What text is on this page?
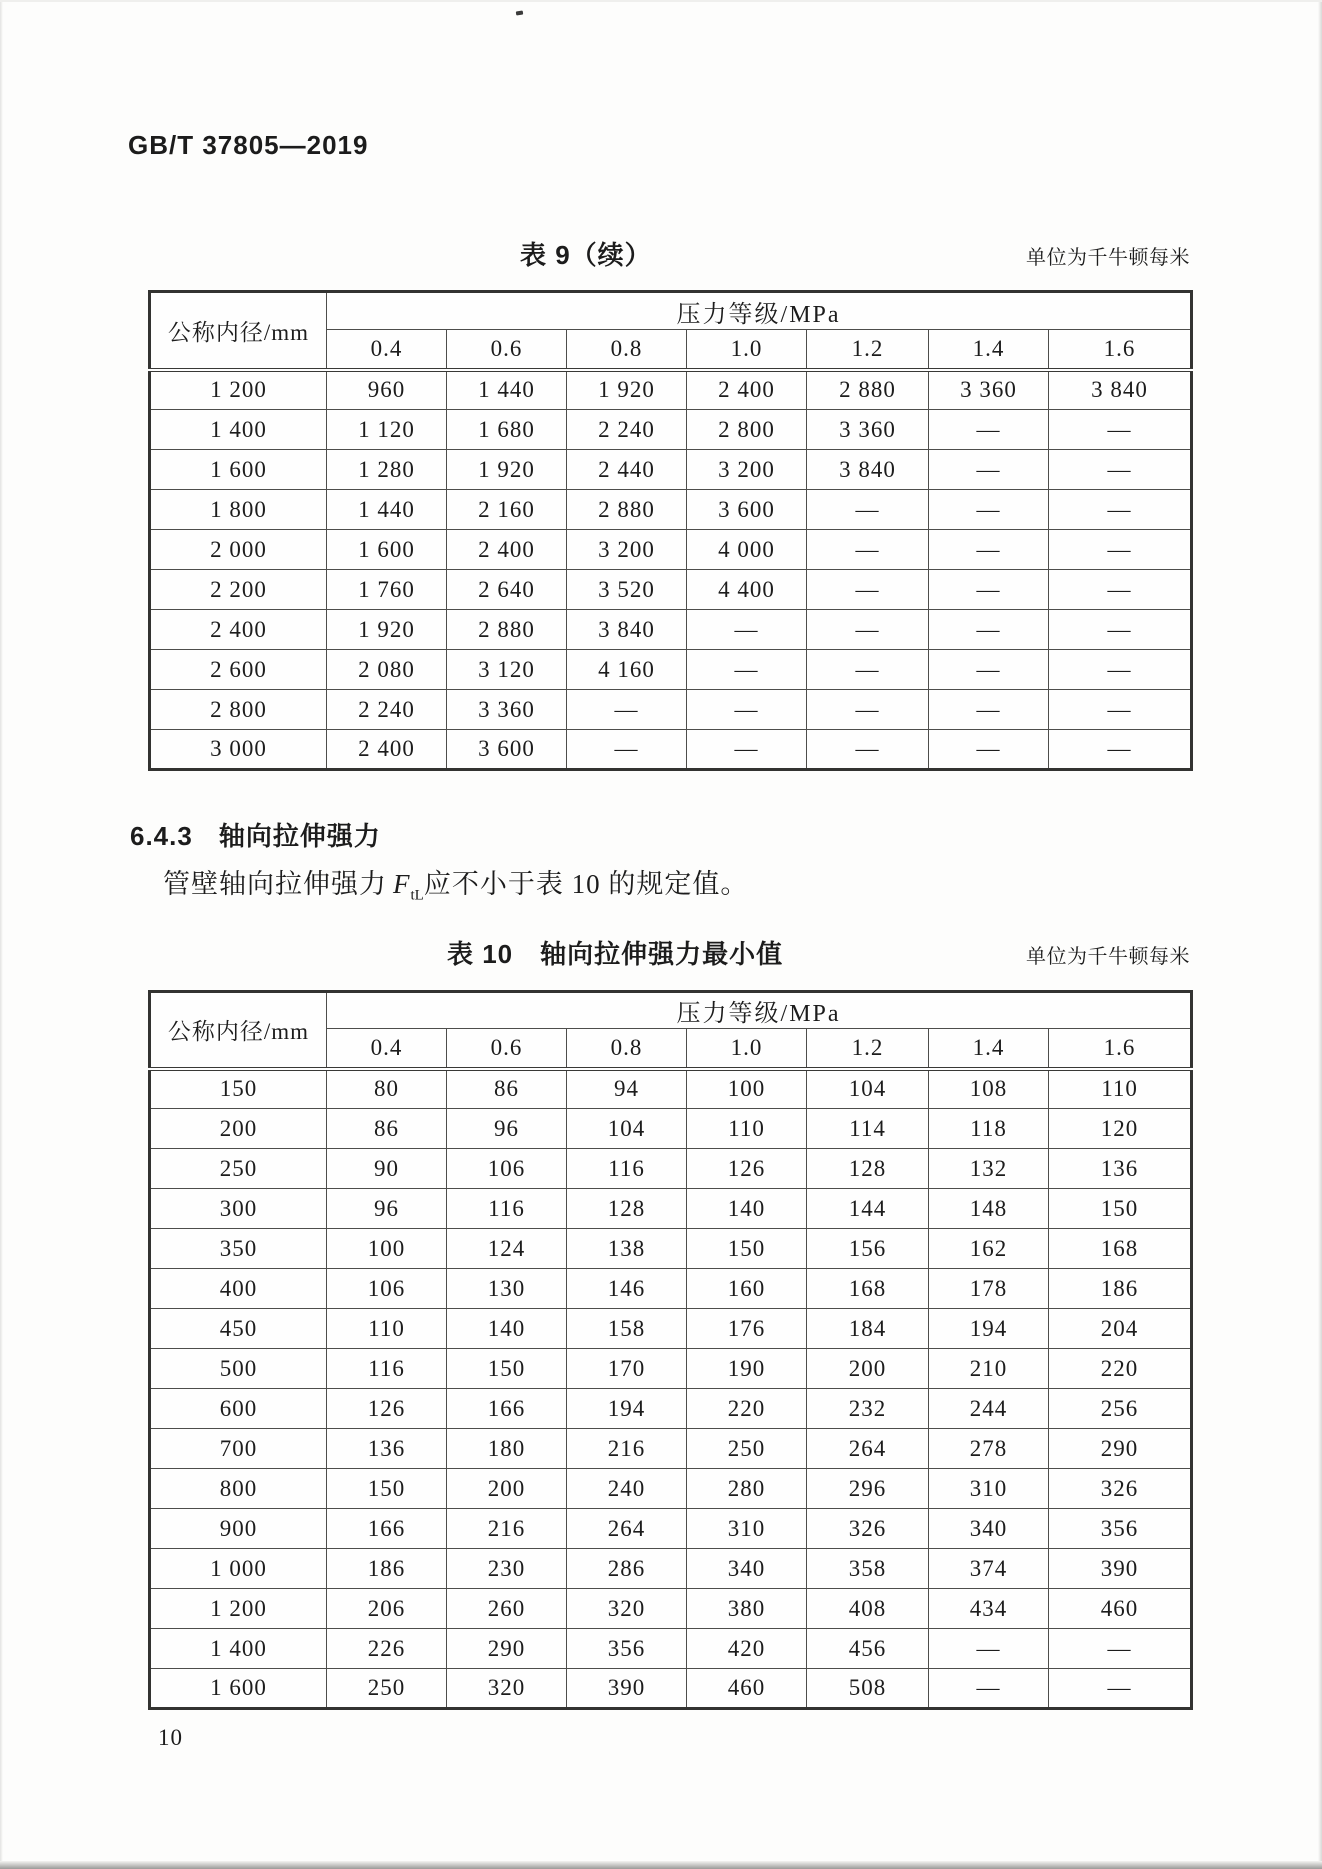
GB/T 37805—2019
表 9（续）	单位为千牛顿每米
公称内径/mm	压力等级/MPa						
	0.4	0.6	0.8	1.0	1.2	1.4	1.6
1 200	960	1 440	1 920	2 400	2 880	3 360	3 840
1 400	1 120	1 680	2 240	2 800	3 360	—	—
1 600	1 280	1 920	2 440	3 200	3 840	—	—
1 800	1 440	2 160	2 880	3 600	—	—	—
2 000	1 600	2 400	3 200	4 000	—	—	—
2 200	1 760	2 640	3 520	4 400	—	—	—
2 400	1 920	2 880	3 840	—	—	—	—
2 600	2 080	3 120	4 160	—	—	—	—
2 800	2 240	3 360	—	—	—	—	—
3 000	2 400	3 600	—	—	—	—	—
6.4.3 轴向拉伸强力
管壁轴向拉伸强力 $F_{tL}$应不小于表 10 的规定值。
表 10　轴向拉伸强力最小值	单位为千牛顿每米
公称内径/mm	压力等级/MPa						
	0.4	0.6	0.8	1.0	1.2	1.4	1.6
150	80	86	94	100	104	108	110
200	86	96	104	110	114	118	120
250	90	106	116	126	128	132	136
300	96	116	128	140	144	148	150
350	100	124	138	150	156	162	168
400	106	130	146	160	168	178	186
450	110	140	158	176	184	194	204
500	116	150	170	190	200	210	220
600	126	166	194	220	232	244	256
700	136	180	216	250	264	278	290
800	150	200	240	280	296	310	326
900	166	216	264	310	326	340	356
1 000	186	230	286	340	358	374	390
1 200	206	260	320	380	408	434	460
1 400	226	290	356	420	456	—	—
1 600	250	320	390	460	508	—	—
10
